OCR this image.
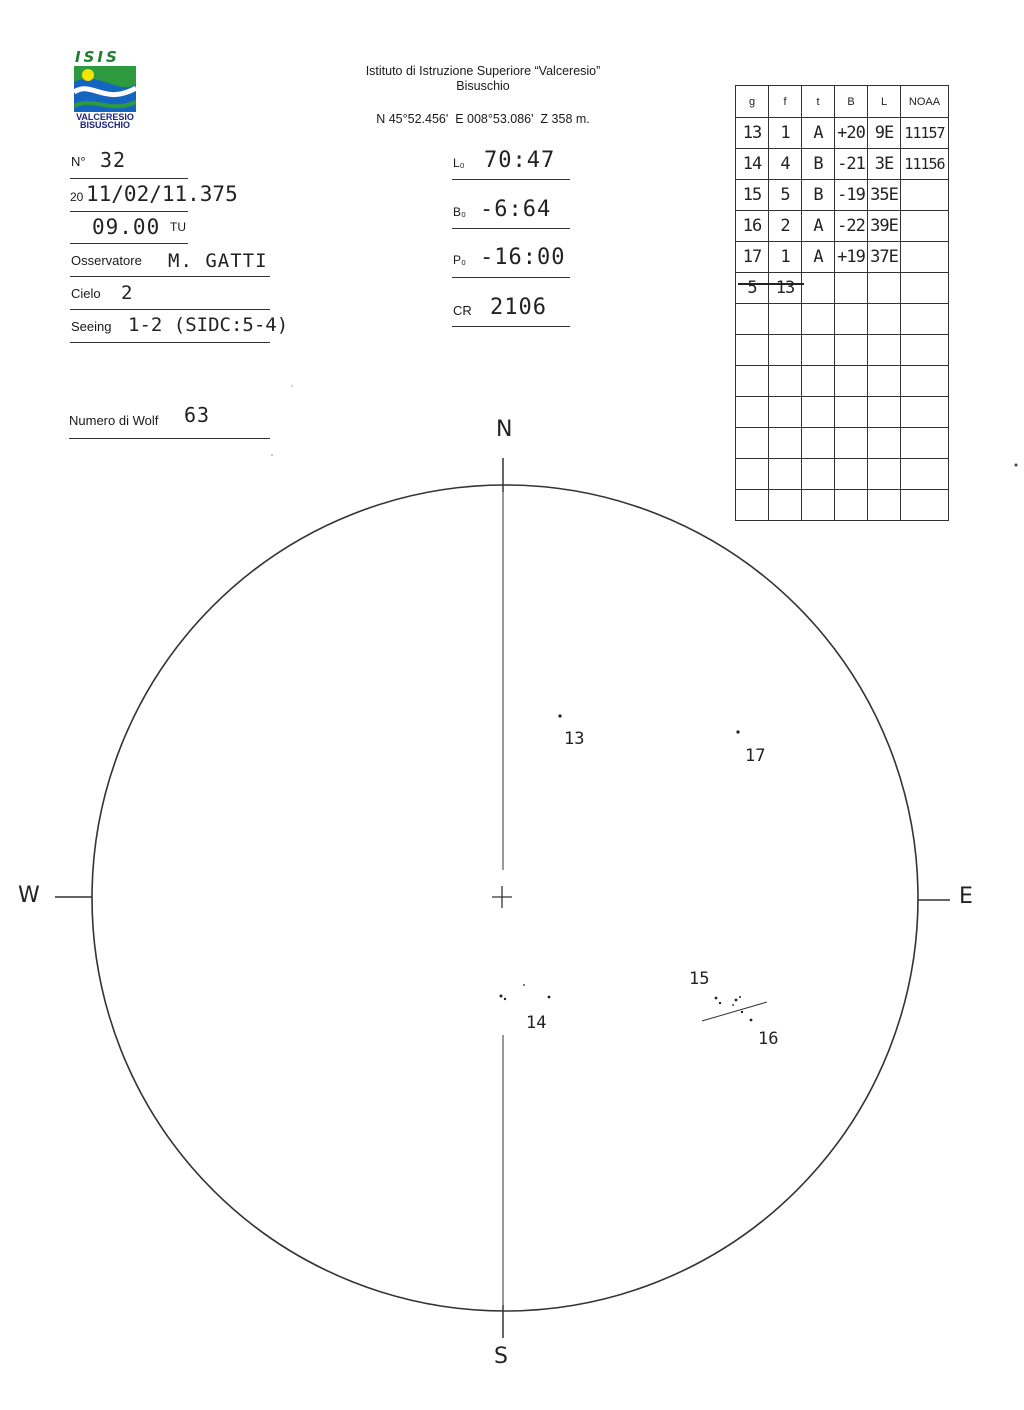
ISIS
VALCERESIO
BISUSCHIO
Istituto di Istruzione Superiore “Valceresio”
Bisuschio
N 45°52.456'  E 008°53.086'  Z 358 m.
N° 32
20 11/02/11.375
09.00 TU
Osservatore M. GATTI
Cielo 2
Seeing 1-2 (SIDC:5-4)
Numero di Wolf 63
L₀ 70:47
B₀ -6:64
P₀ -16:00
CR 2106
g	f	t	B	L	NOAA
13	1	A	+20	9E	11157
14	4	B	-21	3E	11156
15	5	B	-19	35E	
16	2	A	-22	39E	
17	1	A	+19	37E	
5	13				

N
S
W	E
13
17
14
15
16
